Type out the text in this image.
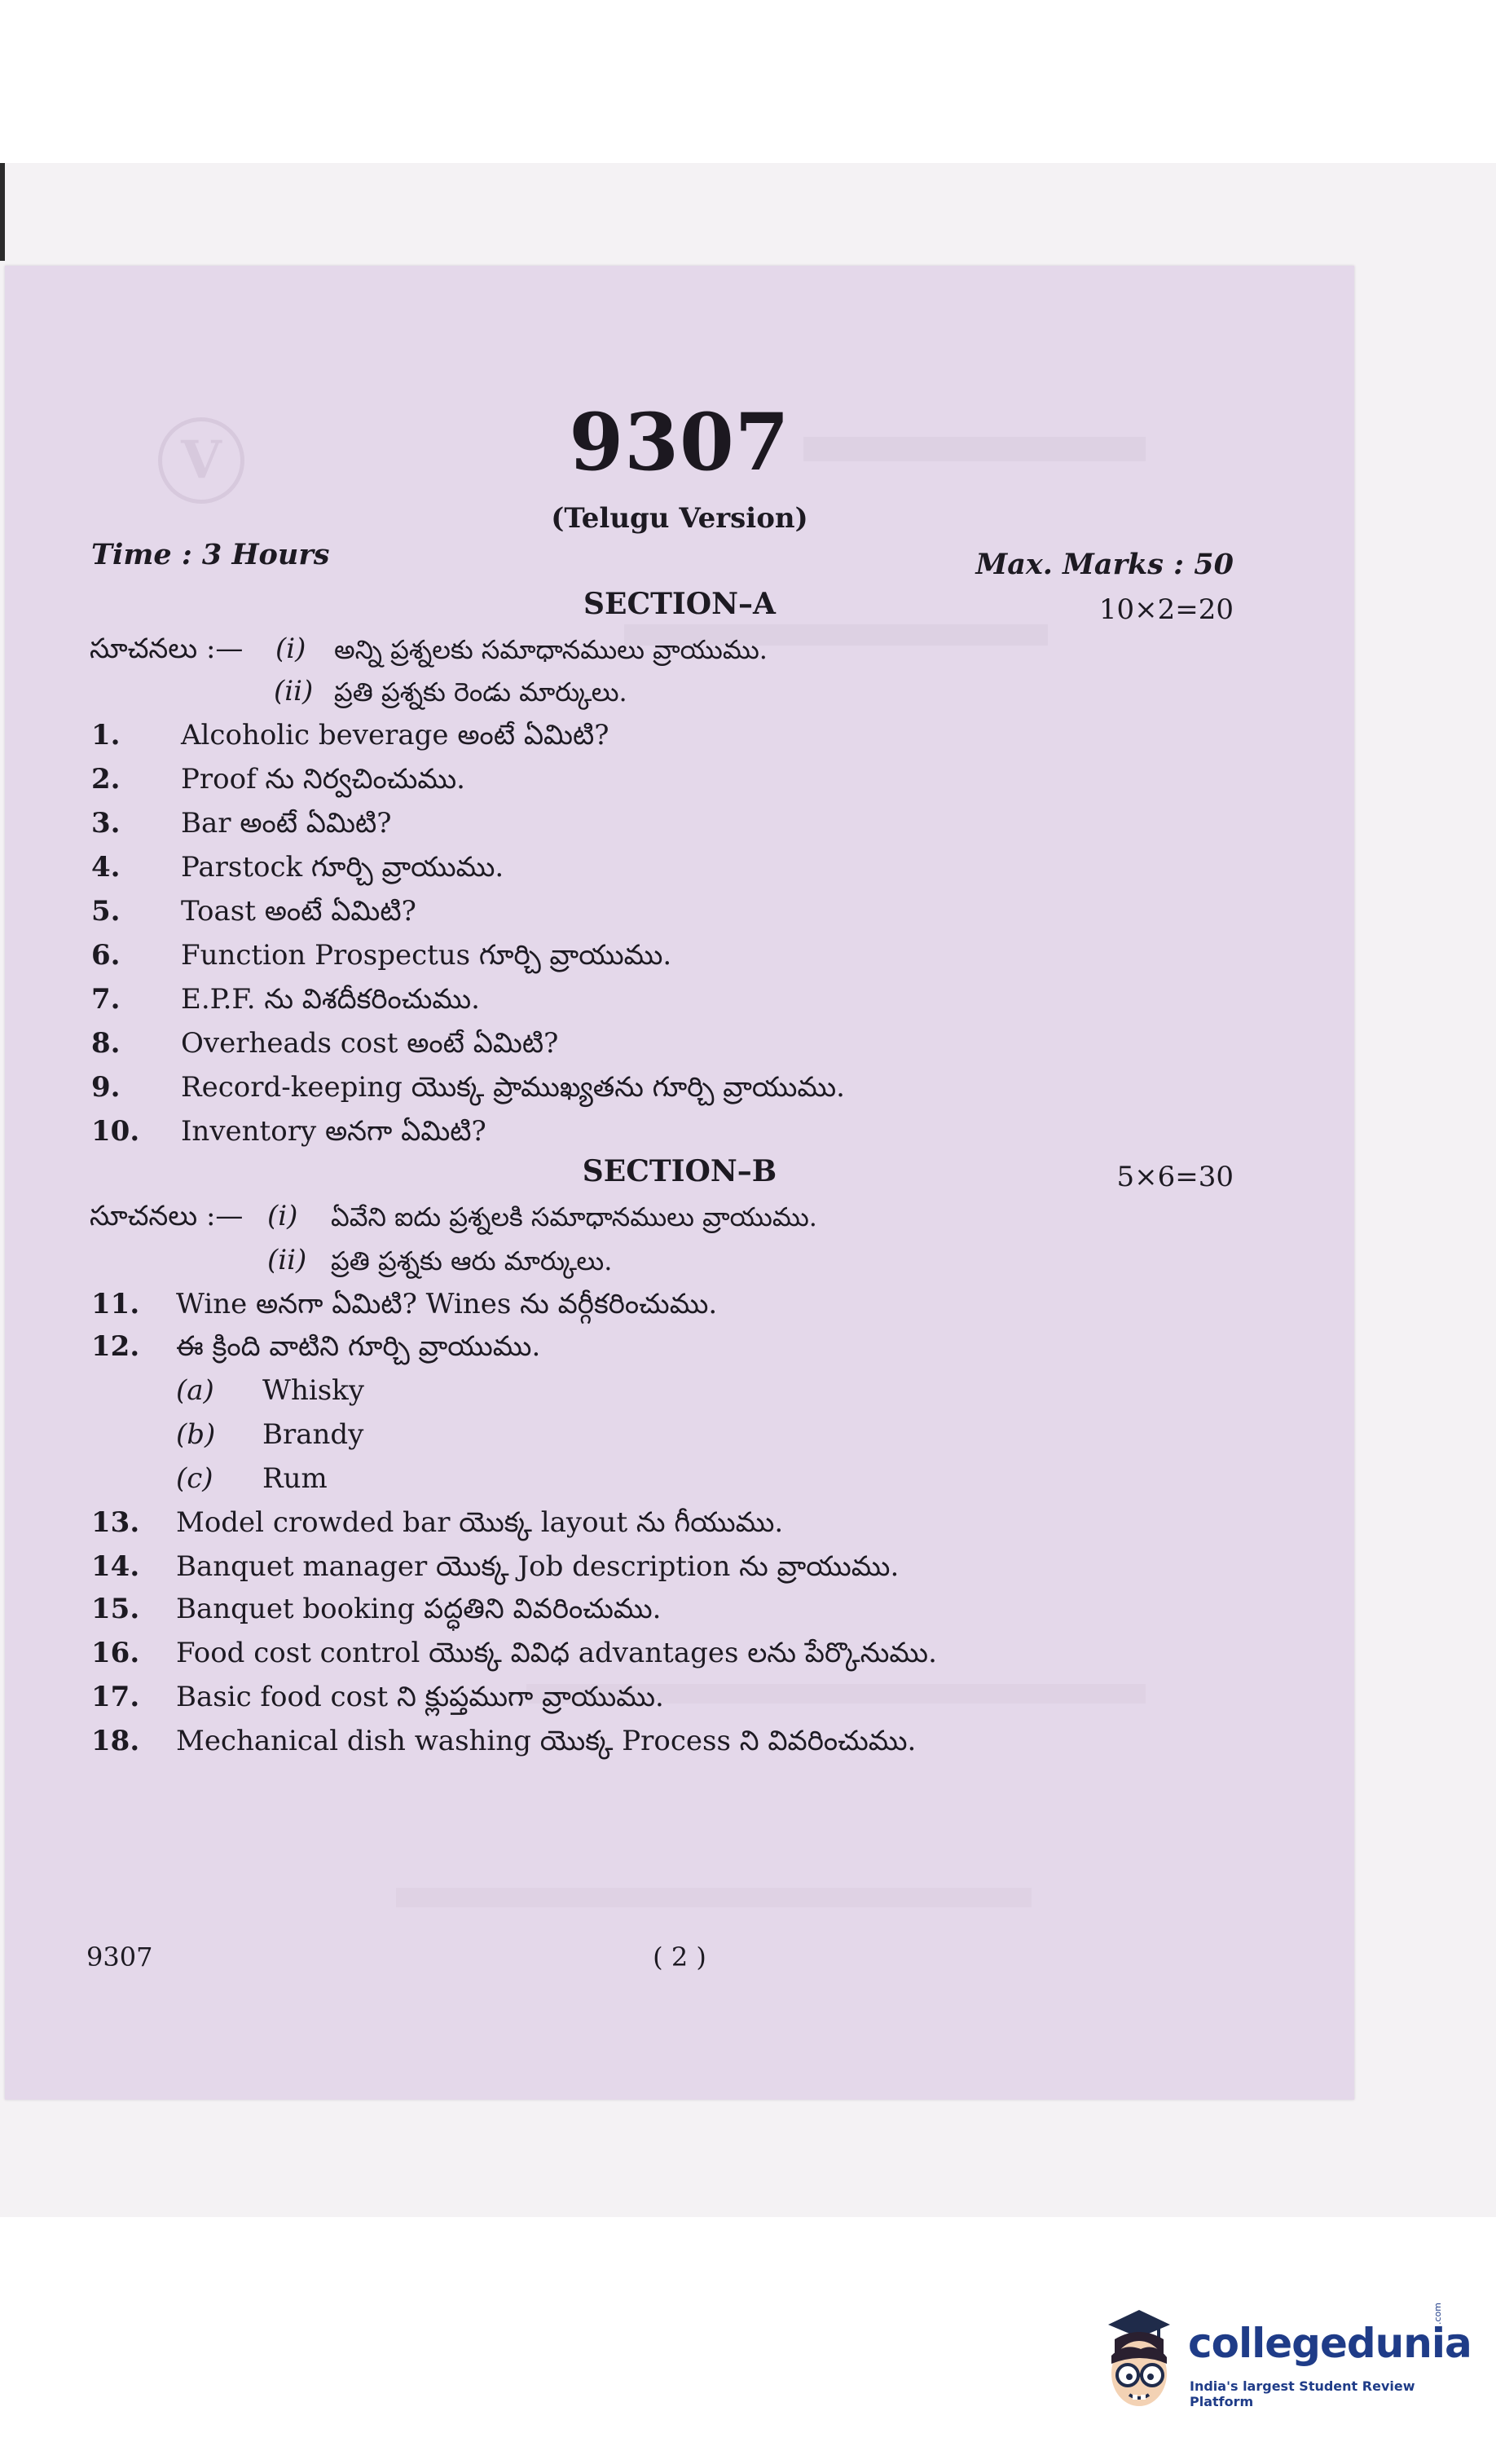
V	9307
(Telugu Version)
Time : 3 Hours	Max. Marks : 50
SECTION–A	10×2=20
సూచనలు :— (i) అన్ని ప్రశ్నలకు సమాధానములు వ్రాయుము.
(ii) ప్రతి ప్రశ్నకు రెండు మార్కులు.
1. Alcoholic beverage అంటే ఏమిటి?
2. Proof ను నిర్వచించుము.
3. Bar అంటే ఏమిటి?
4. Parstock గూర్చి వ్రాయుము.
5. Toast అంటే ఏమిటి?
6. Function Prospectus గూర్చి వ్రాయుము.
7. E.P.F. ను విశదీకరించుము.
8. Overheads cost అంటే ఏమిటి?
9. Record-keeping యొక్క ప్రాముఖ్యతను గూర్చి వ్రాయుము.
10. Inventory అనగా ఏమిటి?
SECTION–B	5×6=30
సూచనలు :— (i) ఏవేని ఐదు ప్రశ్నలకి సమాధానములు వ్రాయుము.
(ii) ప్రతి ప్రశ్నకు ఆరు మార్కులు.
11. Wine అనగా ఏమిటి? Wines ను వర్గీకరించుము.
12. ఈ క్రింది వాటిని గూర్చి వ్రాయుము.
(a) Whisky
(b) Brandy
(c) Rum
13. Model crowded bar యొక్క layout ను గీయుము.
14. Banquet manager యొక్క Job description ను వ్రాయుము.
15. Banquet booking పద్ధతిని వివరించుము.
16. Food cost control యొక్క వివిధ advantages లను పేర్కొనుము.
17. Basic food cost ని క్లుప్తముగా వ్రాయుము.
18. Mechanical dish washing యొక్క Process ని వివరించుము.
9307	( 2 )
collegedunia
.com
India's largest Student Review Platform
